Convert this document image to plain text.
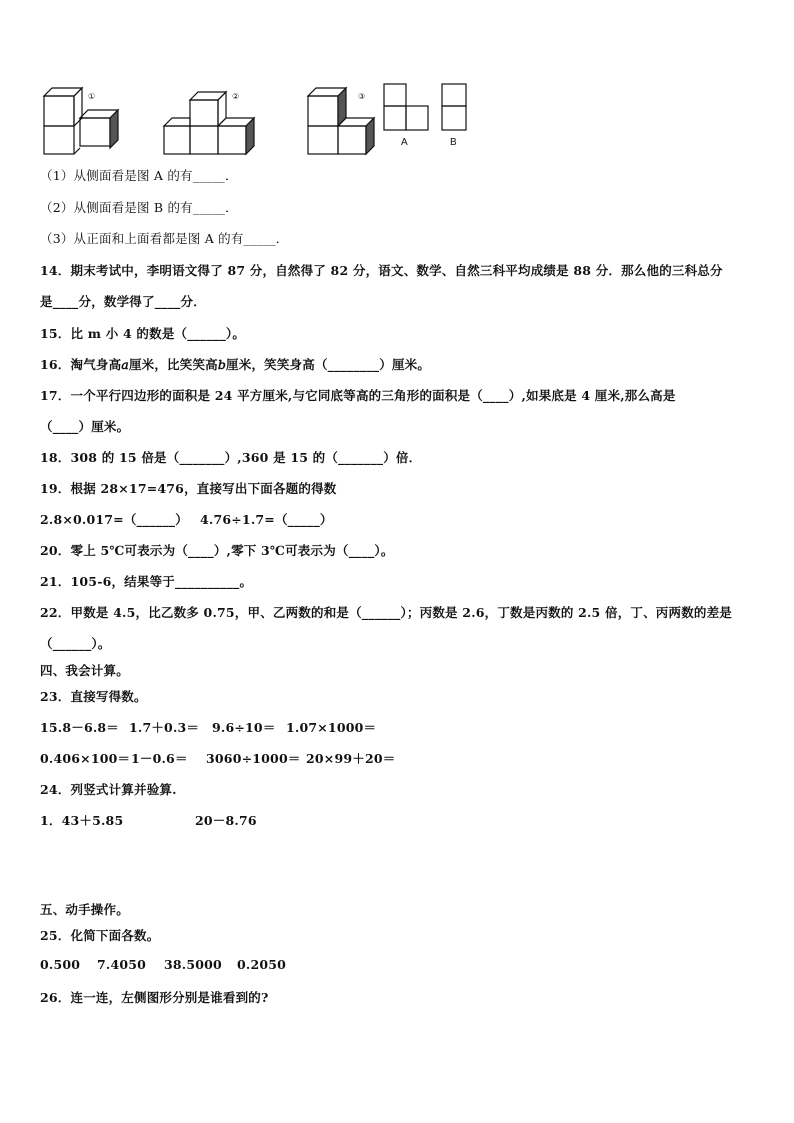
①	②	③
A	B
（1）从侧面看是图 A 的有_____．
（2）从侧面看是图 B 的有_____．
（3）从正面和上面看都是图 A 的有_____．
14．期末考试中，李明语文得了 87 分，自然得了 82 分，语文、数学、自然三科平均成绩是 88 分．那么他的三科总分
是____分，数学得了____分．
15．比 m 小 4 的数是（______）。
16．淘气身高𝑎厘米，比笑笑高𝑏厘米，笑笑身高（________）厘米。
17．一个平行四边形的面积是 24 平方厘米,与它同底等高的三角形的面积是（____）,如果底是 4 厘米,那么高是
（____）厘米。
18．308 的 15 倍是（_______）,360 是 15 的（_______）倍．
19．根据 28×17=476，直接写出下面各题的得数
2.8×0.017=（______） 4.76÷1.7=（_____）
20．零上 5℃可表示为（____）,零下 3℃可表示为（____）。
21．105-6，结果等于__________。
22．甲数是 4.5，比乙数多 0.75，甲、乙两数的和是（______）；丙数是 2.6，丁数是丙数的 2.5 倍，丁、丙两数的差是
（______）。
四、我会计算。
23．直接写得数。
15.8－6.8＝ 1.7＋0.3＝ 9.6÷10＝ 1.07×1000＝
0.406×100＝ 1－0.6＝ 3060÷1000＝ 20×99＋20＝
24．列竖式计算并验算.
1．43＋5.85	20－8.76
五、动手操作。
25．化简下面各数。
0.500 7.4050 38.5000 0.2050
26．连一连，左侧图形分别是谁看到的?
